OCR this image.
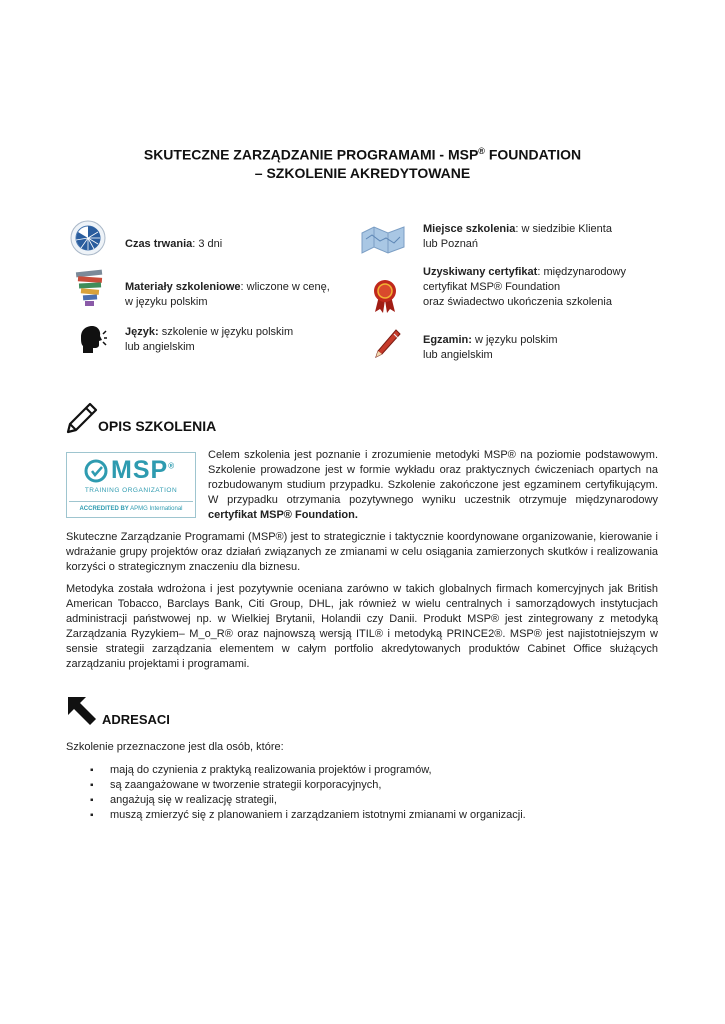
SKUTECZNE ZARZĄDZANIE PROGRAMAMI - MSP® FOUNDATION
– SZKOLENIE AKREDYTOWANE
Czas trwania: 3 dni
Materiały szkoleniowe: wliczone w cenę,
w języku polskim
Język: szkolenie w języku polskim
lub angielskim
Miejsce szkolenia: w siedzibie Klienta
lub Poznań
Uzyskiwany certyfikat: międzynarodowy
certyfikat MSP® Foundation
oraz świadectwo ukończenia szkolenia
Egzamin: w języku polskim
lub angielskim
OPIS SZKOLENIA
MSP®
TRAINING ORGANIZATION
ACCREDITED BY APMG International
Celem szkolenia jest poznanie i zrozumienie metodyki MSP® na poziomie podstawowym. Szkolenie prowadzone jest w formie wykładu oraz praktycznych ćwiczeniach opartych na rozbudowanym studium przypadku. Szkolenie zakończone jest egzaminem certyfikującym. W przypadku otrzymania pozytywnego wyniku uczestnik otrzymuje międzynarodowy certyfikat MSP® Foundation.
Skuteczne Zarządzanie Programami (MSP®) jest to strategicznie i taktycznie koordynowane organizowanie, kierowanie i wdrażanie grupy projektów oraz działań związanych ze zmianami w celu osiągania zamierzonych skutków i realizowania korzyści o strategicznym znaczeniu dla biznesu.
Metodyka została wdrożona i jest pozytywnie oceniana zarówno w takich globalnych firmach komercyjnych jak British American Tobacco, Barclays Bank, Citi Group, DHL, jak również w wielu centralnych i samorządowych instytucjach administracji państwowej np. w Wielkiej Brytanii, Holandii czy Danii. Produkt MSP® jest zintegrowany z metodyką Zarządzania Ryzykiem– M_o_R® oraz najnowszą wersją ITIL® i metodyką PRINCE2®. MSP® jest najistotniejszym w sensie strategii zarządzania elementem w całym portfolio akredytowanych produktów Cabinet Office służących zarządzaniu projektami i programami.
ADRESACI
Szkolenie przeznaczone jest dla osób, które:
▪ mają do czynienia z praktyką realizowania projektów i programów,
▪ są zaangażowane w tworzenie strategii korporacyjnych,
▪ angażują się w realizację strategii,
▪ muszą zmierzyć się z planowaniem i zarządzaniem istotnymi zmianami w organizacji.
